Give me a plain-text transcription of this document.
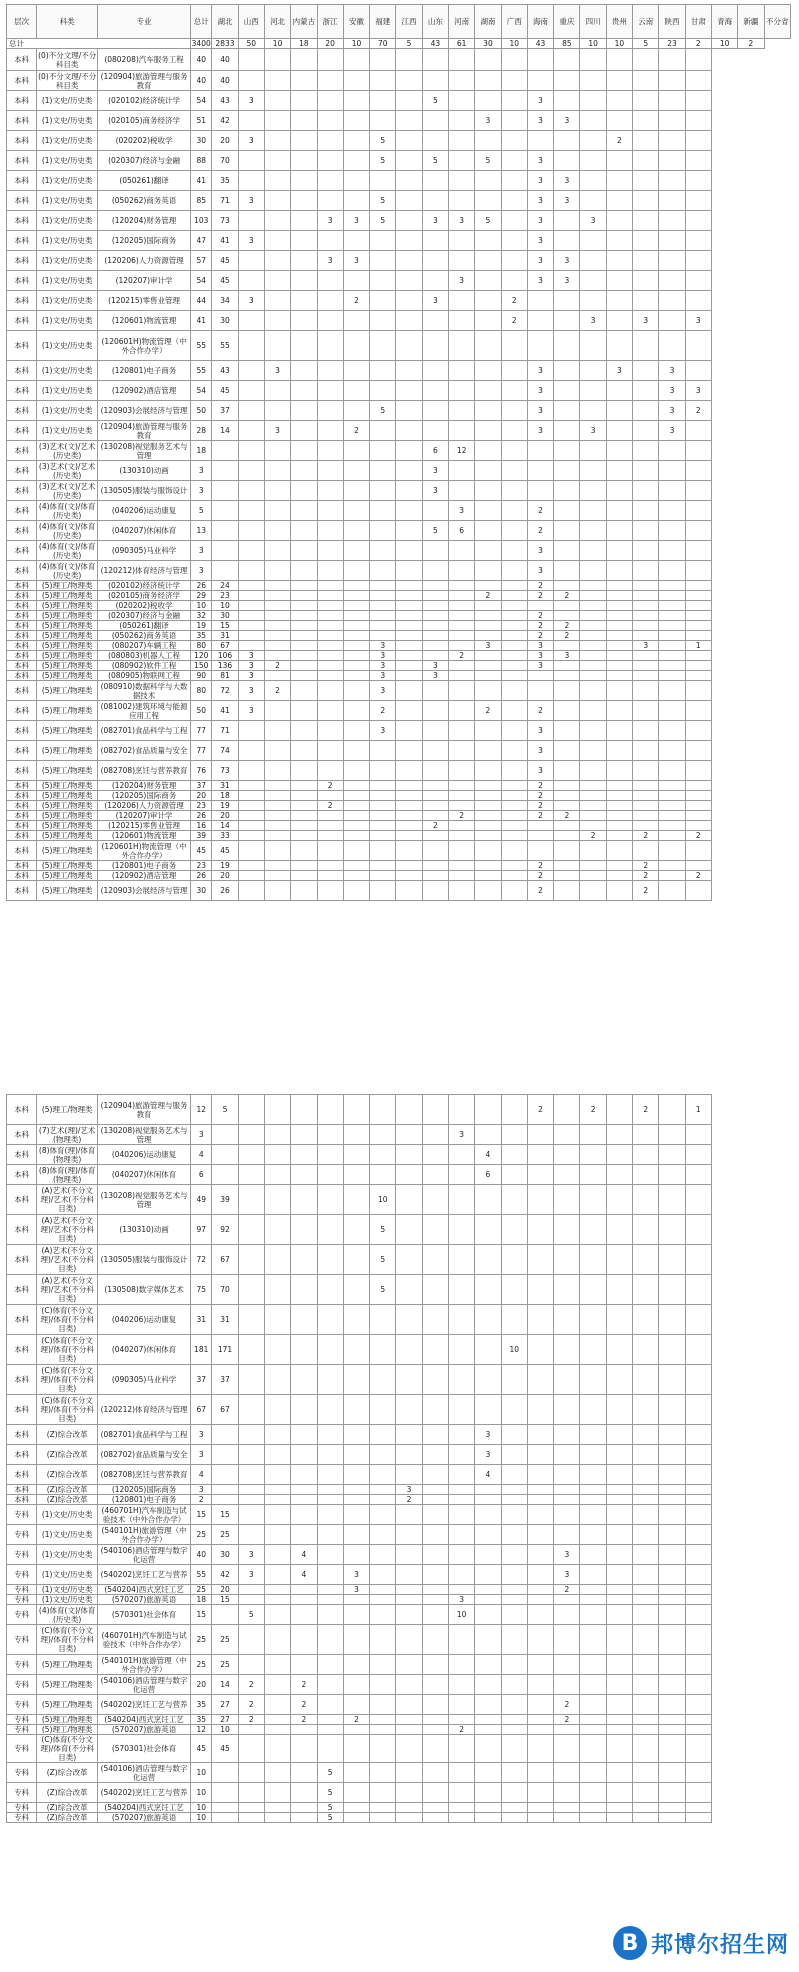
层次	科类	专业	总计	湖北	山西	河北	内蒙古	浙江	安徽	福建	江西	山东	河南	湖南	广西	海南	重庆	四川	贵州	云南	陕西	甘肃	青海	新疆	不分省
总计			3400	2833	50	10	18	20	10	70	5	43	61	30	10	43	85	10	10	5	23	2	10	2	
本科	(0)不分文理/不分科目类	(080208)汽车服务工程	40	40																					
本科	(0)不分文理/不分科目类	(120904)旅游管理与服务教育	40	40																					
本科	(1)文史/历史类	(020102)经济统计学	54	43	3							5				3									
本科	(1)文史/历史类	(020105)商务经济学	51	42										3		3	3								
本科	(1)文史/历史类	(020202)税收学	30	20	3					5									2						
本科	(1)文史/历史类	(020307)经济与金融	88	70						5		5		5		3									
本科	(1)文史/历史类	(050261)翻译	41	35												3	3								
本科	(1)文史/历史类	(050262)商务英语	85	71	3					5						3	3								
本科	(1)文史/历史类	(120204)财务管理	103	73				3	3	5		3	3	5		3		3							
本科	(1)文史/历史类	(120205)国际商务	47	41	3											3									
本科	(1)文史/历史类	(120206)人力资源管理	57	45				3	3							3	3								
本科	(1)文史/历史类	(120207)审计学	54	45									3			3	3								
本科	(1)文史/历史类	(120215)零售业管理	44	34	3				2			3			2										
本科	(1)文史/历史类	(120601)物流管理	41	30											2			3		3		3			
本科	(1)文史/历史类	(120601H)物流管理（中外合作办学）	55	55																					
本科	(1)文史/历史类	(120801)电子商务	55	43		3										3			3		3				
本科	(1)文史/历史类	(120902)酒店管理	54	45												3					3	3			
本科	(1)文史/历史类	(120903)会展经济与管理	50	37						5						3					3	2			
本科	(1)文史/历史类	(120904)旅游管理与服务教育	28	14		3			2							3		3			3				
本科	(3)艺术(文)/艺术(历史类)	(130208)视觉服务艺术与管理	18									6	12												
本科	(3)艺术(文)/艺术(历史类)	(130310)动画	3									3													
本科	(3)艺术(文)/艺术(历史类)	(130505)服装与服饰设计	3									3													
本科	(4)体育(文)/体育(历史类)	(040206)运动康复	5										3			2									
本科	(4)体育(文)/体育(历史类)	(040207)休闲体育	13									5	6			2									
本科	(4)体育(文)/体育(历史类)	(090305)马业科学	3													3									
本科	(4)体育(文)/体育(历史类)	(120212)体育经济与管理	3													3									
本科	(5)理工/物理类	(020102)经济统计学	26	24												2									
本科	(5)理工/物理类	(020105)商务经济学	29	23										2		2	2								
本科	(5)理工/物理类	(020202)税收学	10	10																					
本科	(5)理工/物理类	(020307)经济与金融	32	30												2									
本科	(5)理工/物理类	(050261)翻译	19	15												2	2								
本科	(5)理工/物理类	(050262)商务英语	35	31												2	2								
本科	(5)理工/物理类	(080207)车辆工程	80	67						3				3		3				3		1			
本科	(5)理工/物理类	(080803)机器人工程	120	106	3					3			2			3	3								
本科	(5)理工/物理类	(080902)软件工程	150	136	3	2				3		3				3									
本科	(5)理工/物理类	(080905)物联网工程	90	81	3					3		3													
本科	(5)理工/物理类	(080910)数据科学与大数据技术	80	72	3	2				3															
本科	(5)理工/物理类	(081002)建筑环境与能源应用工程	50	41	3					2				2		2									
本科	(5)理工/物理类	(082701)食品科学与工程	77	71						3						3									
本科	(5)理工/物理类	(082702)食品质量与安全	77	74												3									
本科	(5)理工/物理类	(082708)烹饪与营养教育	76	73												3									
本科	(5)理工/物理类	(120204)财务管理	37	31				2								2									
本科	(5)理工/物理类	(120205)国际商务	20	18												2									
本科	(5)理工/物理类	(120206)人力资源管理	23	19				2								2									
本科	(5)理工/物理类	(120207)审计学	26	20									2			2	2								
本科	(5)理工/物理类	(120215)零售业管理	16	14								2													
本科	(5)理工/物理类	(120601)物流管理	39	33														2		2		2			
本科	(5)理工/物理类	(120601H)物流管理（中外合作办学）	45	45																					
本科	(5)理工/物理类	(120801)电子商务	23	19												2				2					
本科	(5)理工/物理类	(120902)酒店管理	26	20												2				2		2			
本科	(5)理工/物理类	(120903)会展经济与管理	30	26												2				2					
本科	(5)理工/物理类	(120904)旅游管理与服务教育	12	5												2		2		2		1
本科	(7)艺术(理)/艺术(物理类)	(130208)视觉服务艺术与管理	3										3									
本科	(8)体育(理)/体育(物理类)	(040206)运动康复	4											4								
本科	(8)体育(理)/体育(物理类)	(040207)休闲体育	6											6								
本科	(A)艺术(不分文理)/艺术(不分科目类)	(130208)视觉服务艺术与管理	49	39						10												
本科	(A)艺术(不分文理)/艺术(不分科目类)	(130310)动画	97	92						5												
本科	(A)艺术(不分文理)/艺术(不分科目类)	(130505)服装与服饰设计	72	67						5												
本科	(A)艺术(不分文理)/艺术(不分科目类)	(130508)数字媒体艺术	75	70						5												
本科	(C)体育(不分文理)/体育(不分科目类)	(040206)运动康复	31	31																		
本科	(C)体育(不分文理)/体育(不分科目类)	(040207)休闲体育	181	171											10							
本科	(C)体育(不分文理)/体育(不分科目类)	(090305)马业科学	37	37																		
本科	(C)体育(不分文理)/体育(不分科目类)	(120212)体育经济与管理	67	67																		
本科	(Z)综合改革	(082701)食品科学与工程	3											3								
本科	(Z)综合改革	(082702)食品质量与安全	3											3								
本科	(Z)综合改革	(082708)烹饪与营养教育	4											4								
本科	(Z)综合改革	(120205)国际商务	3								3											
本科	(Z)综合改革	(120801)电子商务	2								2											
专科	(1)文史/历史类	(460701H)汽车制造与试验技术（中外合作办学）	15	15																		
专科	(1)文史/历史类	(540101H)旅游管理（中外合作办学）	25	25																		
专科	(1)文史/历史类	(540106)酒店管理与数字化运营	40	30	3		4										3					
专科	(1)文史/历史类	(540202)烹饪工艺与营养	55	42	3		4		3								3					
专科	(1)文史/历史类	(540204)西式烹饪工艺	25	20					3								2					
专科	(1)文史/历史类	(570207)旅游英语	18	15									3									
专科	(4)体育(文)/体育(历史类)	(570301)社会体育	15		5								10									
专科	(C)体育(不分文理)/体育(不分科目类)	(460701H)汽车制造与试验技术（中外合作办学）	25	25																		
专科	(5)理工/物理类	(540101H)旅游管理（中外合作办学）	25	25																		
专科	(5)理工/物理类	(540106)酒店管理与数字化运营	20	14	2		2															
专科	(5)理工/物理类	(540202)烹饪工艺与营养	35	27	2		2										2					
专科	(5)理工/物理类	(540204)西式烹饪工艺	35	27	2		2		2								2					
专科	(5)理工/物理类	(570207)旅游英语	12	10									2									
专科	(C)体育(不分文理)/体育(不分科目类)	(570301)社会体育	45	45																		
专科	(Z)综合改革	(540106)酒店管理与数字化运营	10					5														
专科	(Z)综合改革	(540202)烹饪工艺与营养	10					5														
专科	(Z)综合改革	(540204)西式烹饪工艺	10					5														
专科	(Z)综合改革	(570207)旅游英语	10					5														
B 邦博尔招生网
